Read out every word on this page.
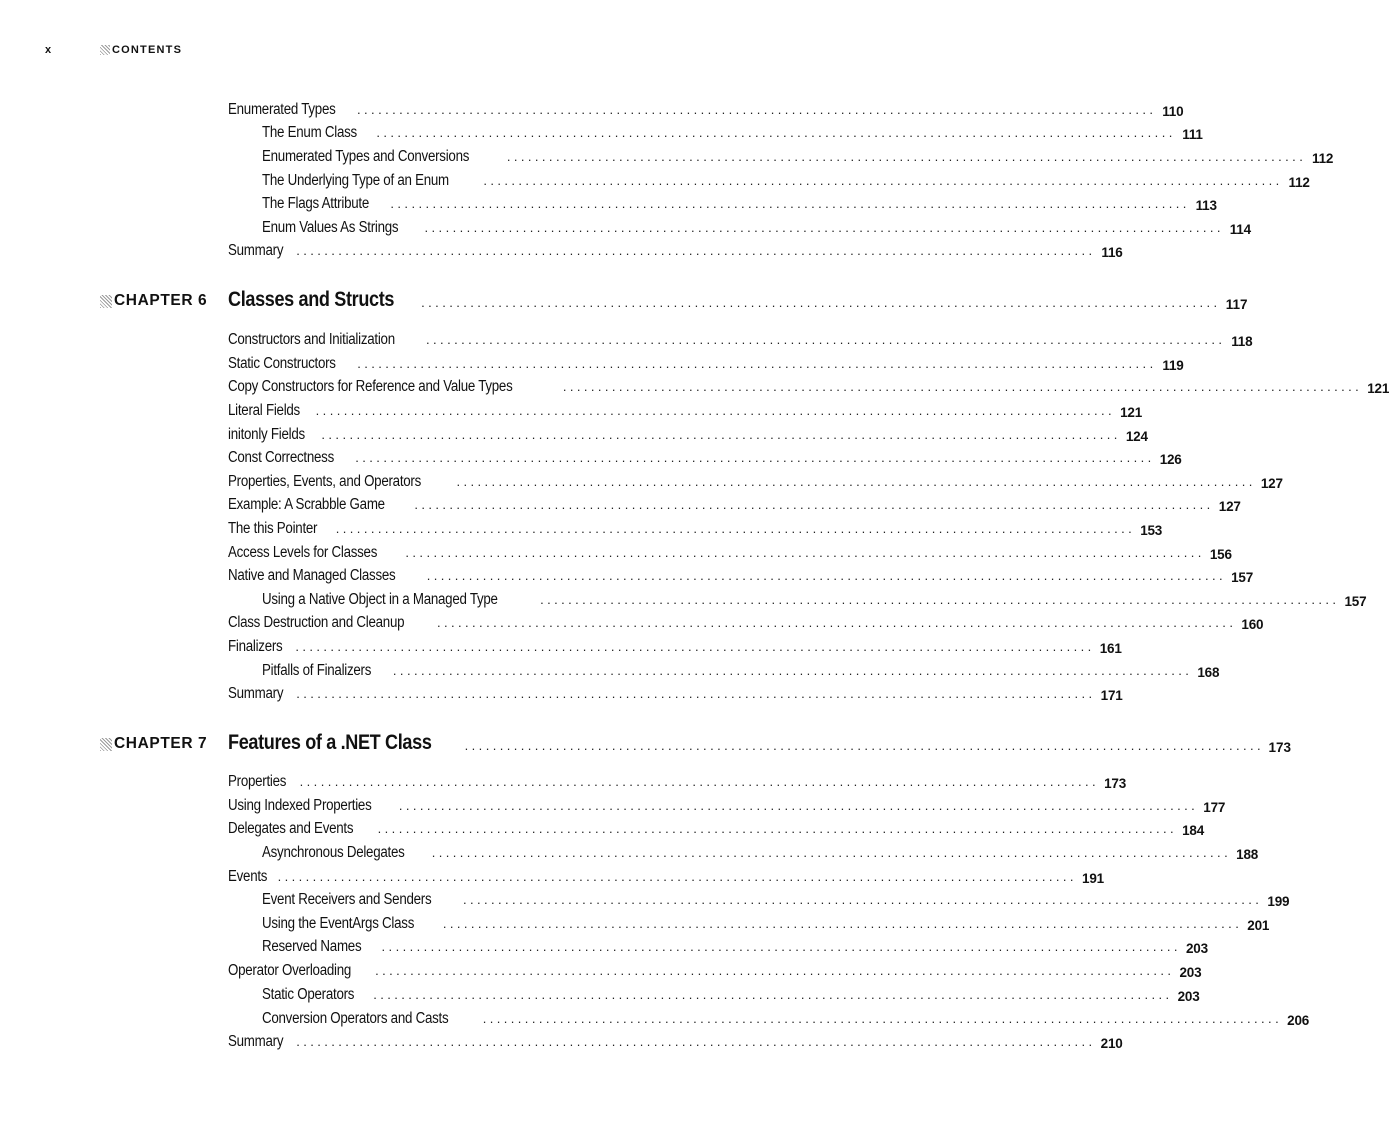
x	CONTENTS
Enumerated Types .................................................................................................................. 110
The Enum Class .................................................................................................................. 111
Enumerated Types and Conversions	.................................................................................................................. 112
The Underlying Type of an Enum	.................................................................................................................. 112
The Flags Attribute .................................................................................................................. 113
Enum Values As Strings .................................................................................................................. 114
Summary .................................................................................................................. 116
CHAPTER 6 Classes and Structs .................................................................................................................. 117
Constructors and Initialization .................................................................................................................. 118
Static Constructors .................................................................................................................. 119
Copy Constructors for Reference and Value Types	.................................................................................................................. 121
Literal Fields .................................................................................................................. 121
initonly Fields .................................................................................................................. 124
Const Correctness .................................................................................................................. 126
Properties, Events, and Operators	.................................................................................................................. 127
Example: A Scrabble Game .................................................................................................................. 127
The this Pointer .................................................................................................................. 153
Access Levels for Classes .................................................................................................................. 156
Native and Managed Classes .................................................................................................................. 157
Using a Native Object in a Managed Type	.................................................................................................................. 157
Class Destruction and Cleanup	.................................................................................................................. 160
Finalizers .................................................................................................................. 161
Pitfalls of Finalizers .................................................................................................................. 168
Summary .................................................................................................................. 171
CHAPTER 7 Features of a .NET Class	.................................................................................................................. 173
Properties .................................................................................................................. 173
Using Indexed Properties .................................................................................................................. 177
Delegates and Events .................................................................................................................. 184
Asynchronous Delegates .................................................................................................................. 188
Events .................................................................................................................. 191
Event Receivers and Senders .................................................................................................................. 199
Using the EventArgs Class .................................................................................................................. 201
Reserved Names .................................................................................................................. 203
Operator Overloading .................................................................................................................. 203
Static Operators .................................................................................................................. 203
Conversion Operators and Casts	.................................................................................................................. 206
Summary .................................................................................................................. 210
